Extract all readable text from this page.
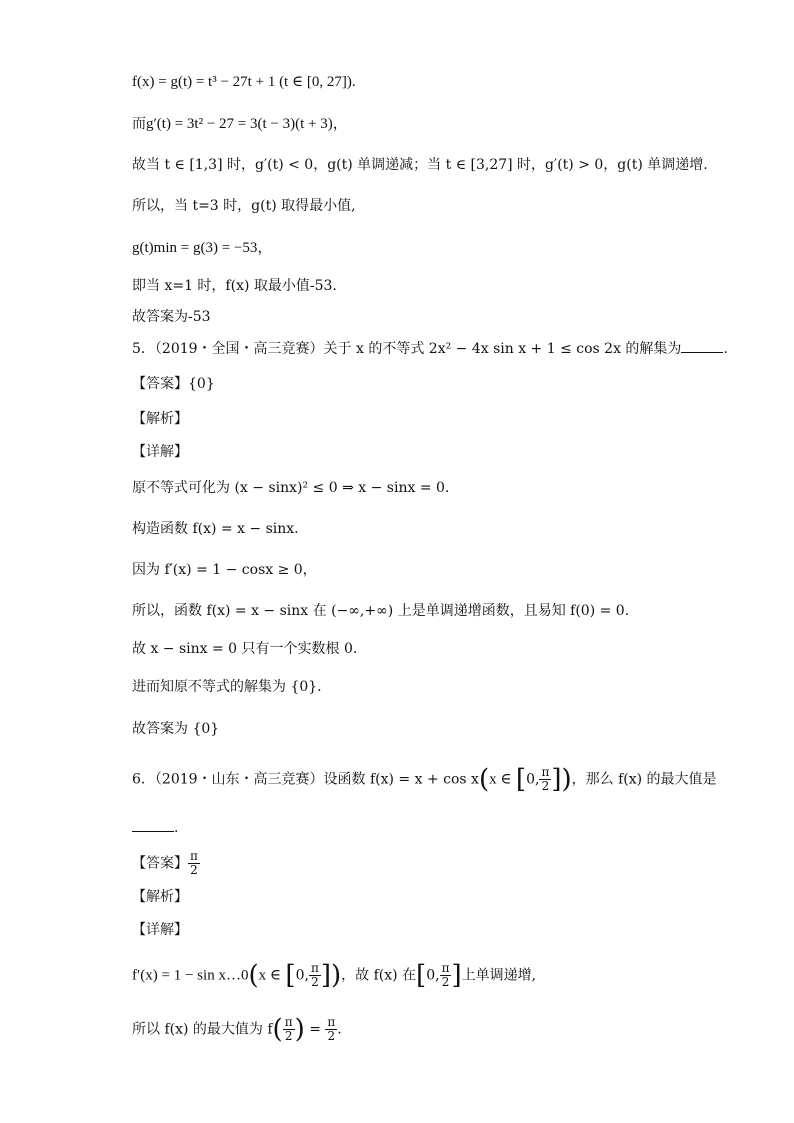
f(x) = g(t) = t³ − 27t + 1 (t ∈ [0, 27]).
而g′(t) = 3t² − 27 = 3(t − 3)(t + 3)，
故当 t ∈ [1,3] 时，g′(t) < 0，g(t) 单调递减；当 t ∈ [3,27] 时，g′(t) > 0，g(t) 单调递增.
所以，当 t=3 时，g(t) 取得最小值,
g(t)min = g(3) = −53，
即当 x=1 时，f(x) 取最小值-53.
故答案为-53
5．（2019・全国・高三竞赛）关于 x 的不等式 2x² − 4x sin x + 1 ≤ cos 2x 的解集为	.
【答案】{0}
【解析】
【详解】
原不等式可化为 (x − sinx)² ≤ 0 ⇒ x − sinx = 0.
构造函数 f(x) = x − sinx.
因为 f′(x) = 1 − cosx ≥ 0，
所以，函数 f(x) = x − sinx 在 (−∞,+∞) 上是单调递增函数，且易知 f(0) = 0.
故 x − sinx = 0 只有一个实数根 0.
进而知原不等式的解集为 {0}.
故答案为 {0}
6．（2019・山东・高三竞赛）设函数 f(x) = x + cos x(x ∈ [0, $\frac{\pi}{2}$ ])，那么 f(x) 的最大值是
.
【答案】 $\frac{\pi}{2}$
【解析】
【详解】
f′(x) = 1 − sin x…0(x ∈ [0, $\frac{\pi}{2}$ ])，故 f(x) 在[0, $\frac{\pi}{2}$ ]上单调递增,
所以 f(x) 的最大值为 $f( \frac{\pi}{2}$ ) = $\frac{\pi}{2}$ .
